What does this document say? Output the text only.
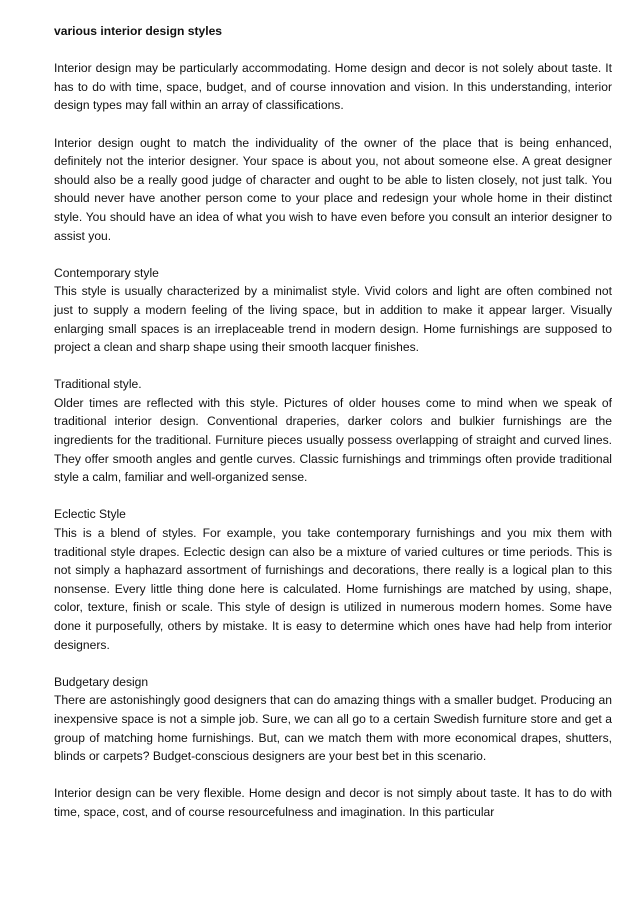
various interior design styles

Interior design may be particularly accommodating. Home design and decor is not solely about taste. It has to do with time, space, budget, and of course innovation and vision. In this understanding, interior design types may fall within an array of classifications.

Interior design ought to match the individuality of the owner of the place that is being enhanced, definitely not the interior designer. Your space is about you, not about someone else. A great designer should also be a really good judge of character and ought to be able to listen closely, not just talk. You should never have another person come to your place and redesign your whole home in their distinct style. You should have an idea of what you wish to have even before you consult an interior designer to assist you.

Contemporary style

This style is usually characterized by a minimalist style. Vivid colors and light are often combined not just to supply a modern feeling of the living space, but in addition to make it appear larger. Visually enlarging small spaces is an irreplaceable trend in modern design. Home furnishings are supposed to project a clean and sharp shape using their smooth lacquer finishes.

Traditional style.

Older times are reflected with this style. Pictures of older houses come to mind when we speak of traditional interior design. Conventional draperies, darker colors and bulkier furnishings are the ingredients for the traditional. Furniture pieces usually possess overlapping of straight and curved lines. They offer smooth angles and gentle curves. Classic furnishings and trimmings often provide traditional style a calm, familiar and well-organized sense.

Eclectic Style

This is a blend of styles. For example, you take contemporary furnishings and you mix them with traditional style drapes. Eclectic design can also be a mixture of varied cultures or time periods. This is not simply a haphazard assortment of furnishings and decorations, there really is a logical plan to this nonsense. Every little thing done here is calculated. Home furnishings are matched by using, shape, color, texture, finish or scale. This style of design is utilized in numerous modern homes. Some have done it purposefully, others by mistake. It is easy to determine which ones have had help from interior designers.

Budgetary design

There are astonishingly good designers that can do amazing things with a smaller budget. Producing an inexpensive space is not a simple job. Sure, we can all go to a certain Swedish furniture store and get a group of matching home furnishings. But, can we match them with more economical drapes, shutters, blinds or carpets? Budget-conscious designers are your best bet in this scenario.

Interior design can be very flexible. Home design and decor is not simply about taste. It has to do with time, space, cost, and of course resourcefulness and imagination. In this particular
